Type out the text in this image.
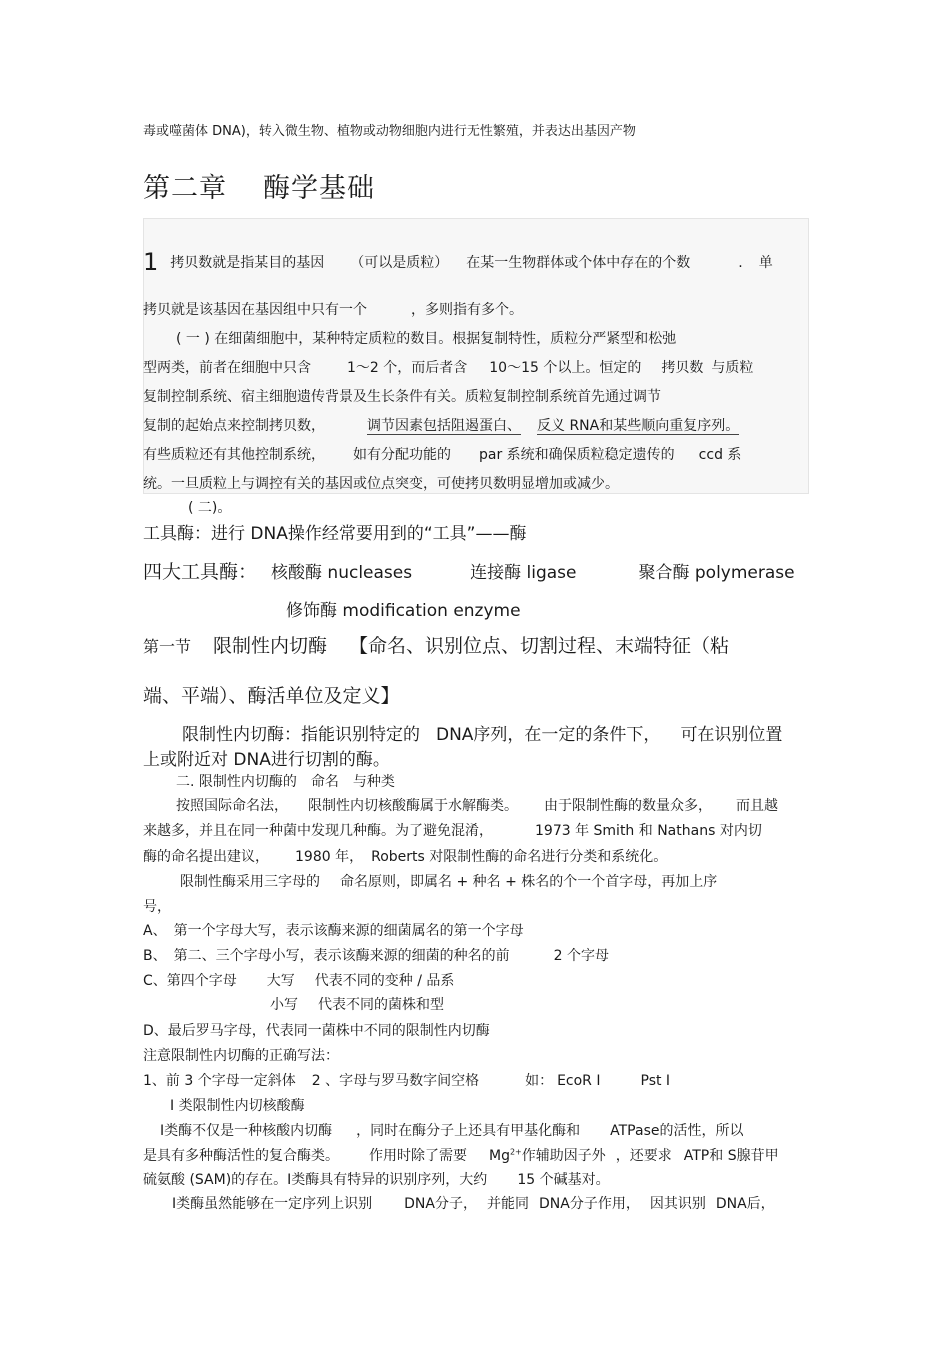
毒或噬菌体 DNA)，转入微生物、植物或动物细胞内进行无性繁殖，并表达出基因产物
第二章 酶学基础
1 拷贝数就是指某目的基因 （可以是质粒） 在某一生物群体或个体中存在的个数	. 单
拷贝就是该基因在基因组中只有一个	，多则指有多个。
( 一 ) 在细菌细胞中，某种特定质粒的数目。根据复制特性，质粒分严紧型和松弛
型两类，前者在细胞中只含	1～2 个，而后者含 10～15 个以上。恒定的 拷贝数 与质粒
复制控制系统、宿主细胞遗传背景及生长条件有关。质粒复制控制系统首先通过调节
复制的起始点来控制拷贝数，	调节因素包括阻遏蛋白、 反义 RNA和某些顺向重复序列。
有些质粒还有其他控制系统， 如有分配功能的 par 系统和确保质粒稳定遗传的 ccd 系
统。一旦质粒上与调控有关的基因或位点突变，可使拷贝数明显增加或减少。
( 二)。
工具酶：进行 DNA操作经常要用到的“工具”——酶
四大工具酶： 核酸酶 nucleases	连接酶 ligase	聚合酶 polymerase
修饰酶 modification enzyme
第一节 限制性内切酶 【命名、识别位点、切割过程、末端特征（粘
端、平端）、酶活单位及定义】
限制性内切酶：指能识别特定的 DNA序列，在一定的条件下， 可在识别位置
上或附近对 DNA进行切割的酶。
二. 限制性内切酶的　命名　与种类
按照国际命名法， 限制性内切核酸酶属于水解酶类。 由于限制性酶的数量众多， 而且越
来越多，并且在同一种菌中发现几种酶。为了避免混淆，	1973 年 Smith 和 Nathans 对内切
酶的命名提出建议， 1980 年， Roberts 对限制性酶的命名进行分类和系统化。
限制性酶采用三字母的 命名原则，即属名 + 种名 + 株名的个一个首字母，再加上序
号，
A、　第一个字母大写，表示该酶来源的细菌属名的第一个字母
B、　第二、三个字母小写，表示该酶来源的细菌的种名的前	2 个字母
C、第四个字母 大写 代表不同的变种 / 品系
小写 代表不同的菌株和型
D、最后罗马字母，代表同一菌株中不同的限制性内切酶
注意限制性内切酶的正确写法：
1、前 3 个字母一定斜体 2 、字母与罗马数字间空格	如： EcoR Ⅰ	Pst Ⅰ
Ⅰ 类限制性内切核酸酶
Ⅰ类酶不仅是一种核酸内切酶 ，同时在酶分子上还具有甲基化酶和 ATPase的活性，所以
是具有多种酶活性的复合酶类。 作用时除了需要 $Mg^{2+}$作辅助因子外 ，还要求 ATP和 S腺苷甲
硫氨酸 (SAM)的存在。Ⅰ类酶具有特异的识别序列，大约 15 个碱基对。
Ⅰ类酶虽然能够在一定序列上识别 DNA分子， 并能同 DNA分子作用， 因其识别 DNA后，
